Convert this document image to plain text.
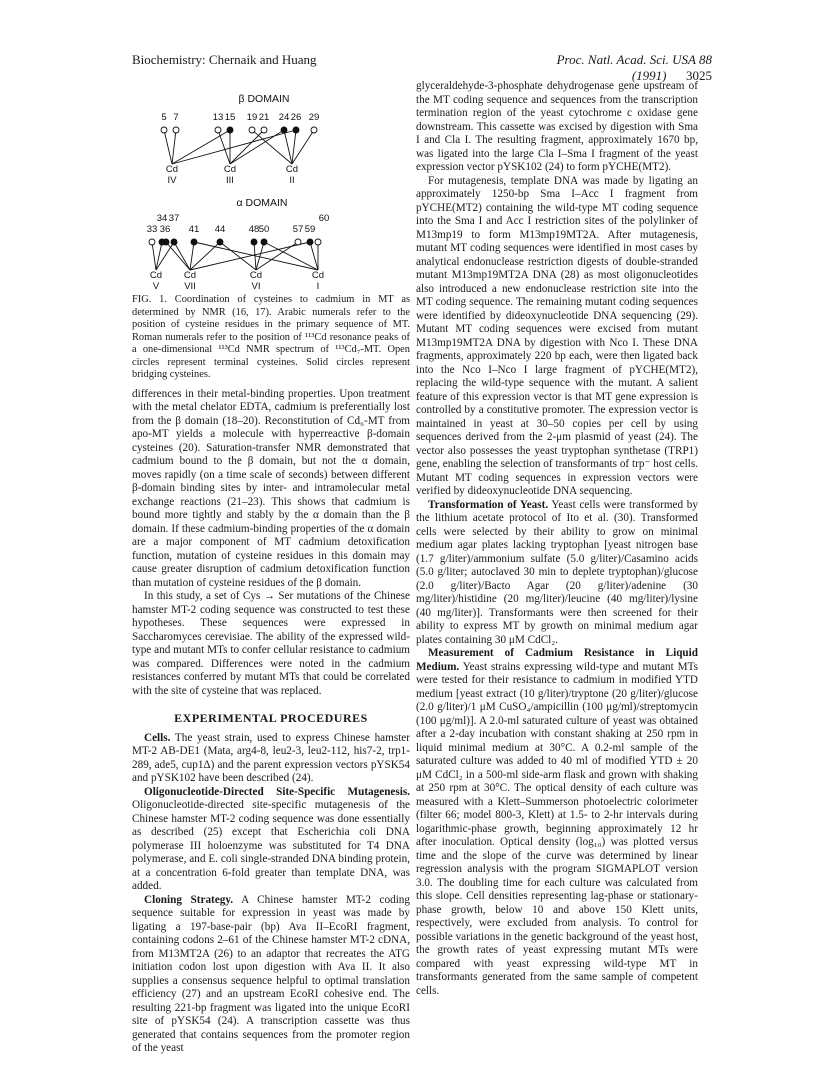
Biochemistry: Chernaik and Huang	Proc. Natl. Acad. Sci. USA 88 (1991) 3025
β DOMAIN
5 7	13 15 19 21 24 26 29
Cd
IV
Cd
III
Cd
II
α DOMAIN
33
34
36
37
41 44 48 50 57 59
60
Cd
V
Cd
VII
Cd
VI
Cd
I

FIG. 1. Coordination of cysteines to cadmium in MT as determined by NMR (16, 17). Arabic numerals refer to the position of cysteine residues in the primary sequence of MT. Roman numerals refer to the position of ¹¹³Cd resonance peaks of a one-dimensional ¹¹³Cd NMR spectrum of ¹¹³Cd₇-MT. Open circles represent terminal cysteines. Solid circles represent bridging cysteines.

differences in their metal-binding properties. Upon treatment with the metal chelator EDTA, cadmium is preferentially lost from the β domain (18–20). Reconstitution of Cd₆-MT from apo-MT yields a molecule with hyperreactive β-domain cysteines (20). Saturation-transfer NMR demonstrated that cadmium bound to the β domain, but not the α domain, moves rapidly (on a time scale of seconds) between different β-domain binding sites by inter- and intramolecular metal exchange reactions (21–23). This shows that cadmium is bound more tightly and stably by the α domain than the β domain. If these cadmium-binding properties of the α domain are a major component of MT cadmium detoxification function, mutation of cysteine residues in this domain may cause greater disruption of cadmium detoxification function than mutation of cysteine residues of the β domain.

In this study, a set of Cys → Ser mutations of the Chinese hamster MT-2 coding sequence was constructed to test these hypotheses. These sequences were expressed in Saccharomyces cerevisiae. The ability of the expressed wild-type and mutant MTs to confer cellular resistance to cadmium was compared. Differences were noted in the cadmium resistances conferred by mutant MTs that could be correlated with the site of cysteine that was replaced.

EXPERIMENTAL PROCEDURES

Cells. The yeast strain, used to express Chinese hamster MT-2 AB-DE1 (Mata, arg4-8, leu2-3, leu2-112, his7-2, trp1-289, ade5, cup1Δ) and the parent expression vectors pYSK54 and pYSK102 have been described (24).

Oligonucleotide-Directed Site-Specific Mutagenesis. Oligonucleotide-directed site-specific mutagenesis of the Chinese hamster MT-2 coding sequence was done essentially as described (25) except that Escherichia coli DNA polymerase III holoenzyme was substituted for T4 DNA polymerase, and E. coli single-stranded DNA binding protein, at a concentration 6-fold greater than template DNA, was added.

Cloning Strategy. A Chinese hamster MT-2 coding sequence suitable for expression in yeast was made by ligating a 197-base-pair (bp) Ava II–EcoRI fragment, containing codons 2–61 of the Chinese hamster MT-2 cDNA, from M13MT2A (26) to an adaptor that recreates the ATG initiation codon lost upon digestion with Ava II. It also supplies a consensus sequence helpful to optimal translation efficiency (27) and an upstream EcoRI cohesive end. The resulting 221-bp fragment was ligated into the unique EcoRI site of pYSK54 (24). A transcription cassette was thus generated that contains sequences from the promoter region of the yeast

glyceraldehyde-3-phosphate dehydrogenase gene upstream of the MT coding sequence and sequences from the transcription termination region of the yeast cytochrome c oxidase gene downstream. This cassette was excised by digestion with Sma I and Cla I. The resulting fragment, approximately 1670 bp, was ligated into the large Cla I–Sma I fragment of the yeast expression vector pYSK102 (24) to form pYCHE(MT2).

For mutagenesis, template DNA was made by ligating an approximately 1250-bp Sma I–Acc I fragment from pYCHE(MT2) containing the wild-type MT coding sequence into the Sma I and Acc I restriction sites of the polylinker of M13mp19 to form M13mp19MT2A. After mutagenesis, mutant MT coding sequences were identified in most cases by analytical endonuclease restriction digests of double-stranded mutant M13mp19MT2A DNA (28) as most oligonucleotides also introduced a new endonuclease restriction site into the MT coding sequence. The remaining mutant coding sequences were identified by dideoxynucleotide DNA sequencing (29). Mutant MT coding sequences were excised from mutant M13mp19MT2A DNA by digestion with Nco I. These DNA fragments, approximately 220 bp each, were then ligated back into the Nco I–Nco I large fragment of pYCHE(MT2), replacing the wild-type sequence with the mutant. A salient feature of this expression vector is that MT gene expression is controlled by a constitutive promoter. The expression vector is maintained in yeast at 30–50 copies per cell by using sequences derived from the 2-μm plasmid of yeast (24). The vector also possesses the yeast tryptophan synthetase (TRP1) gene, enabling the selection of transformants of trp⁻ host cells. Mutant MT coding sequences in expression vectors were verified by dideoxynucleotide DNA sequencing.

Transformation of Yeast. Yeast cells were transformed by the lithium acetate protocol of Ito et al. (30). Transformed cells were selected by their ability to grow on minimal medium agar plates lacking tryptophan [yeast nitrogen base (1.7 g/liter)/ammonium sulfate (5.0 g/liter)/Casamino acids (5.0 g/liter; autoclaved 30 min to deplete tryptophan)/glucose (2.0 g/liter)/Bacto Agar (20 g/liter)/adenine (30 mg/liter)/histidine (20 mg/liter)/leucine (40 mg/liter)/lysine (40 mg/liter)]. Transformants were then screened for their ability to express MT by growth on minimal medium agar plates containing 30 μM CdCl₂.

Measurement of Cadmium Resistance in Liquid Medium. Yeast strains expressing wild-type and mutant MTs were tested for their resistance to cadmium in modified YTD medium [yeast extract (10 g/liter)/tryptone (20 g/liter)/glucose (2.0 g/liter)/1 μM CuSO₄/ampicillin (100 μg/ml)/streptomycin (100 μg/ml)]. A 2.0-ml saturated culture of yeast was obtained after a 2-day incubation with constant shaking at 250 rpm in liquid minimal medium at 30°C. A 0.2-ml sample of the saturated culture was added to 40 ml of modified YTD ± 20 μM CdCl₂ in a 500-ml side-arm flask and grown with shaking at 250 rpm at 30°C. The optical density of each culture was measured with a Klett–Summerson photoelectric colorimeter (filter 66; model 800-3, Klett) at 1.5- to 2-hr intervals during logarithmic-phase growth, beginning approximately 12 hr after inoculation. Optical density (log₁₀) was plotted versus time and the slope of the curve was determined by linear regression analysis with the program SIGMAPLOT version 3.0. The doubling time for each culture was calculated from this slope. Cell densities representing lag-phase or stationary-phase growth, below 10 and above 150 Klett units, respectively, were excluded from analysis. To control for possible variations in the genetic background of the yeast host, the growth rates of yeast expressing mutant MTs were compared with yeast expressing wild-type MT in transformants generated from the same sample of competent cells.
